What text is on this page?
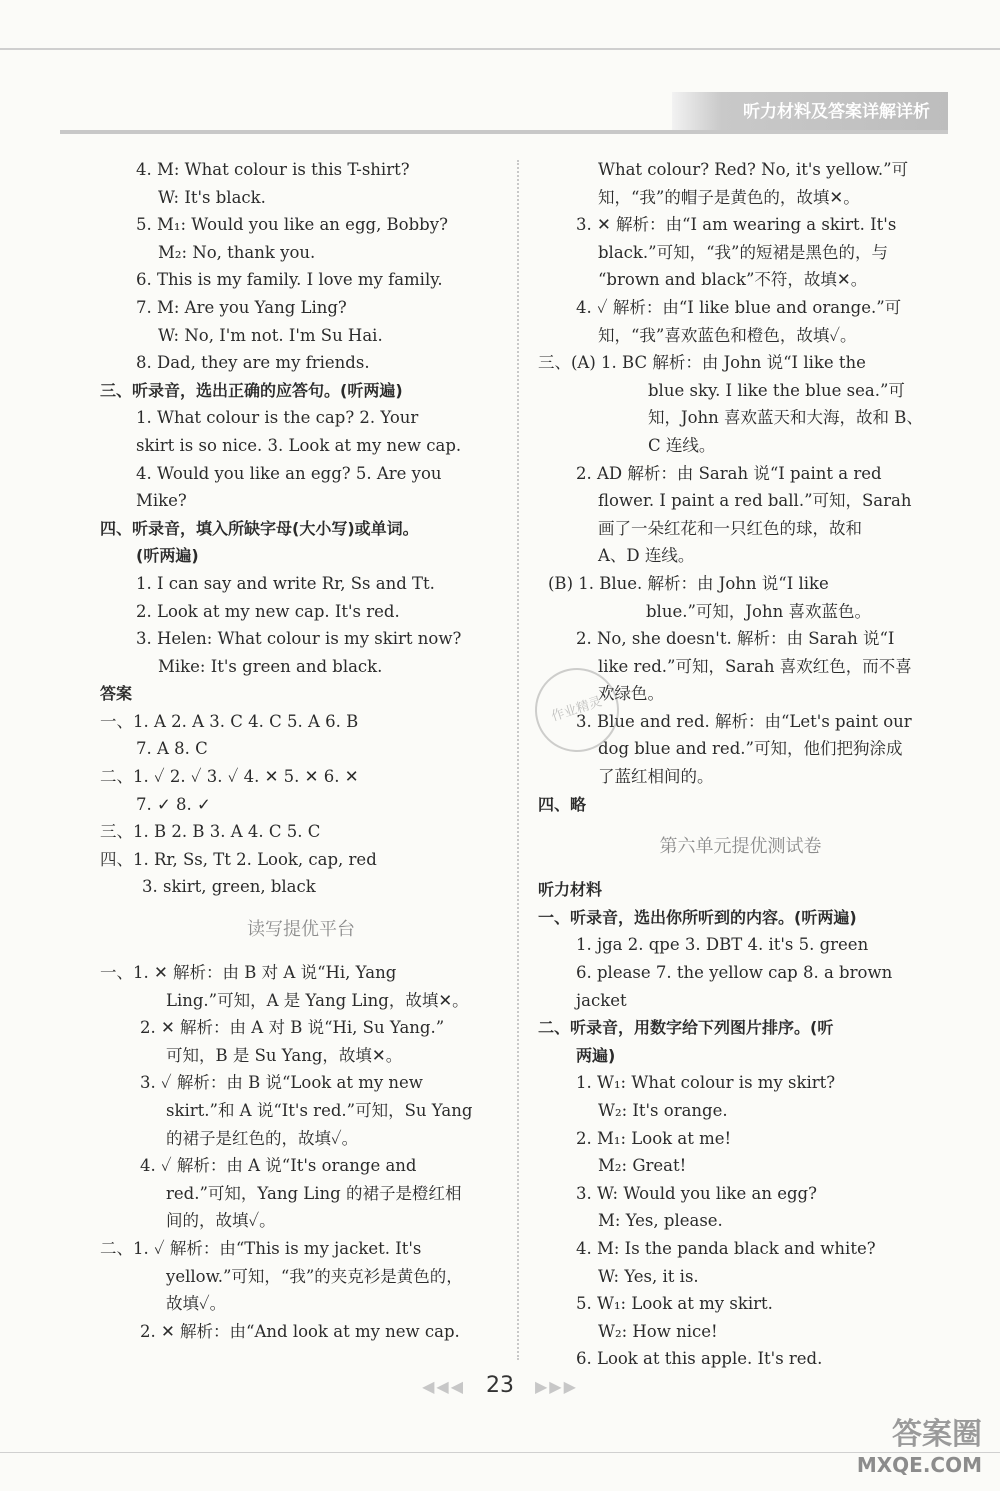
听力材料及答案详解详析
4. M: What colour is this T-shirt?
W: It's black.
5. M₁: Would you like an egg, Bobby?
M₂: No, thank you.
6. This is my family. I love my family.
7. M: Are you Yang Ling?
W: No, I'm not. I'm Su Hai.
8. Dad, they are my friends.
三、听录音，选出正确的应答句。(听两遍)
1. What colour is the cap? 2. Your
skirt is so nice. 3. Look at my new cap.
4. Would you like an egg? 5. Are you
Mike?
四、听录音，填入所缺字母(大小写)或单词。
(听两遍)
1. I can say and write Rr, Ss and Tt.
2. Look at my new cap. It's red.
3. Helen: What colour is my skirt now?
Mike: It's green and black.
答案
一、1. A 2. A 3. C 4. C 5. A 6. B
7. A 8. C
二、1. ✓ 2. ✓ 3. ✓ 4. ✕ 5. ✕ 6. ✕
7. ✓ 8. ✓
三、1. B 2. B 3. A 4. C 5. C
四、1. Rr, Ss, Tt 2. Look, cap, red
3. skirt, green, black
读写提优平台
一、1. ✕ 解析：由 B 对 A 说“Hi, Yang
Ling.”可知，A 是 Yang Ling，故填✕。
2. ✕ 解析：由 A 对 B 说“Hi, Su Yang.”
可知，B 是 Su Yang，故填✕。
3. ✓ 解析：由 B 说“Look at my new
skirt.”和 A 说“It's red.”可知，Su Yang
的裙子是红色的，故填✓。
4. ✓ 解析：由 A 说“It's orange and
red.”可知，Yang Ling 的裙子是橙红相
间的，故填✓。
二、1. ✓ 解析：由“This is my jacket. It's
yellow.”可知，“我”的夹克衫是黄色的，
故填✓。
2. ✕ 解析：由“And look at my new cap.
What colour? Red? No, it's yellow.”可
知，“我”的帽子是黄色的，故填✕。
3. ✕ 解析：由“I am wearing a skirt. It's
black.”可知，“我”的短裙是黑色的，与
“brown and black”不符，故填✕。
4. ✓ 解析：由“I like blue and orange.”可
知，“我”喜欢蓝色和橙色，故填✓。
三、(A) 1. BC 解析：由 John 说“I like the
blue sky. I like the blue sea.”可
知，John 喜欢蓝天和大海，故和 B、
C 连线。
2. AD 解析：由 Sarah 说“I paint a red
flower. I paint a red ball.”可知，Sarah
画了一朵红花和一只红色的球，故和
A、D 连线。
(B) 1. Blue. 解析：由 John 说“I like
blue.”可知，John 喜欢蓝色。
2. No, she doesn't. 解析：由 Sarah 说“I
like red.”可知，Sarah 喜欢红色，而不喜
欢绿色。
3. Blue and red. 解析：由“Let's paint our
dog blue and red.”可知，他们把狗涂成
了蓝红相间的。
四、略
第六单元提优测试卷
听力材料
一、听录音，选出你所听到的内容。(听两遍)
1. jga 2. qpe 3. DBT 4. it's 5. green
6. please 7. the yellow cap 8. a brown
jacket
二、听录音，用数字给下列图片排序。(听
两遍)
1. W₁: What colour is my skirt?
W₂: It's orange.
2. M₁: Look at me!
M₂: Great!
3. W: Would you like an egg?
M: Yes, please.
4. M: Is the panda black and white?
W: Yes, it is.
5. W₁: Look at my skirt.
W₂: How nice!
6. Look at this apple. It's red.
作业精灵
◀◀◀ 23 ▶▶▶
答案圈
MXQE.COM
